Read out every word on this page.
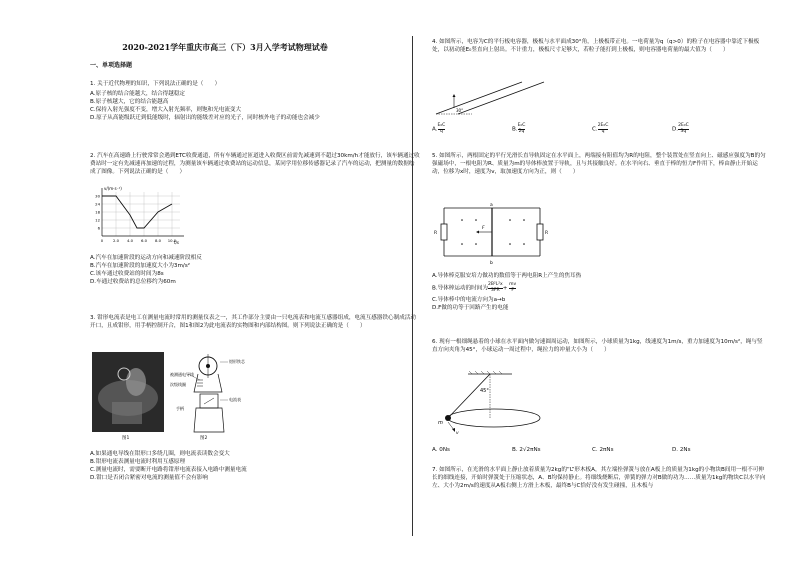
2020-2021学年重庆市高三（下）3月入学考试物理试卷
一、单项选择题

1. 关于近代物理的知识，下列说法正确的是（　　）

A.原子核的结合能越大，结合得越稳定

B.原子核越大，它的结合能越高

C.保持入射光强度不变，增大入射光频率，则饱和光电流变大

D.原子从高能级跃迁到低能级时，辐射出的能级差对应的光子，同时核外电子的动能也会减少

2. 汽车在高速路上行驶常常会遇到ETC收费通道，所有车辆通过匝道进入收费区前需先减速到不超过30km/h才能放行，该车辆通过收费站时一定有先减速再加速的过程，为测量该车辆通过收费站的运动信息，某同学用位移传感器记录了汽车的运动，把测量的数据绘成了图像。下列说法正确的是（　　）

v/(m·s⁻¹)
t/s
30
24
18
12
6
0	2.0 4.0 6.0 8.0 10.0

A.汽车在加速阶段的运动方向和减速阶段相反

B.汽车在加速阶段的加速度大小为3m/s²

C.该车通过收费站的时间为8s

D.车通过收费站的总位移约为60m

3. 钳形电流表是电工在测量电流时常用的测量仪表之一，其工作部分主要由一只电流表和电流互感器组成，电流互感器铁心制成活动开口，且成钳形，用手柄控制开合，图1和图2为此电流表的实物图和内部结构图。则下列说法正确的是（　　）

图1
被测通电导线
次级线圈
手柄
钳形铁芯
电流表
图2

A.如果通电导线在钳形口多绕几圈，则电流表读数会变大

B.钳形电流表测量电流时利用互感原理

C.测量电流时，需要断开电路将钳形电流表接入电路中测量电流

D.钳口是否闭合紧密对电流的测量值不会有影响

4. 如图所示，电容为C的平行板电容器，极板与水平面成30°角，上极板带正电。一电荷量为q（q>0）的粒子在电容器中靠近下极板处，以初动能E₀竖直向上射出。不计重力，极板尺寸足够大，若粒子能打到上极板，则电容器电荷量的最大值为（　　）

30°
A. $\frac{\text{E₀C}}{q}$	B. $\frac{\text{E₀C}}{2q}$	C. $\frac{\text{2E₀C}}{q}$	D. $\frac{\text{2E₀C}}{3q}$

5. 如图所示，两根固定的平行光滑长直导轨固定在水平面上，两端接有阻值均为R的电阻，整个装置处在竖直向上、磁感应强度为B的匀强磁场中，一根电阻为R、质量为m的导体棒放置于导轨，且与其接触良好。在水平向右、垂直于棒的恒力F作用下，棒由静止开始运动，位移为x时，速度为v，取加速度方向为正，则（　　）

a
b
R	R
F

A.导体棒克服安培力做功的数值等于两电阻R上产生的焦耳热

B.导体棒运动的时间为 $\frac{\text{2B²L²x}}{3FR} + \frac{mv}{F}$

C.导体棒中的电流方向为a→b

D.F做的功等于回路产生的电能

6. 现有一根细绳悬着的小球在水平面内做匀速圆周运动，如图所示，小球质量为1kg，线速度为1m/s，重力加速度为10m/s²，绳与竖直方向夹角为45°，小球运动一周过程中，绳拉力的冲量大小为（　　）

45°
m
v
A. 0Ns	B. 2√2πNs	C. 2πNs	D. 2Ns

7. 如图所示，在光滑的水平面上静止放着质量为2kg的“L”形木板A，其左端拴弹簧与放在A板上的质量为1kg的小物块B间用一根不可伸长的细线连接，开始时弹簧处于压缩状态，A、B均保持静止。将细线烧断后，弹簧的弹力对B做的功为……质量为1kg的物块C以水平向左、大小为2m/s的速度从A板右侧上方滑上木板，最终B与C恰好没有发生碰撞，且木板与
